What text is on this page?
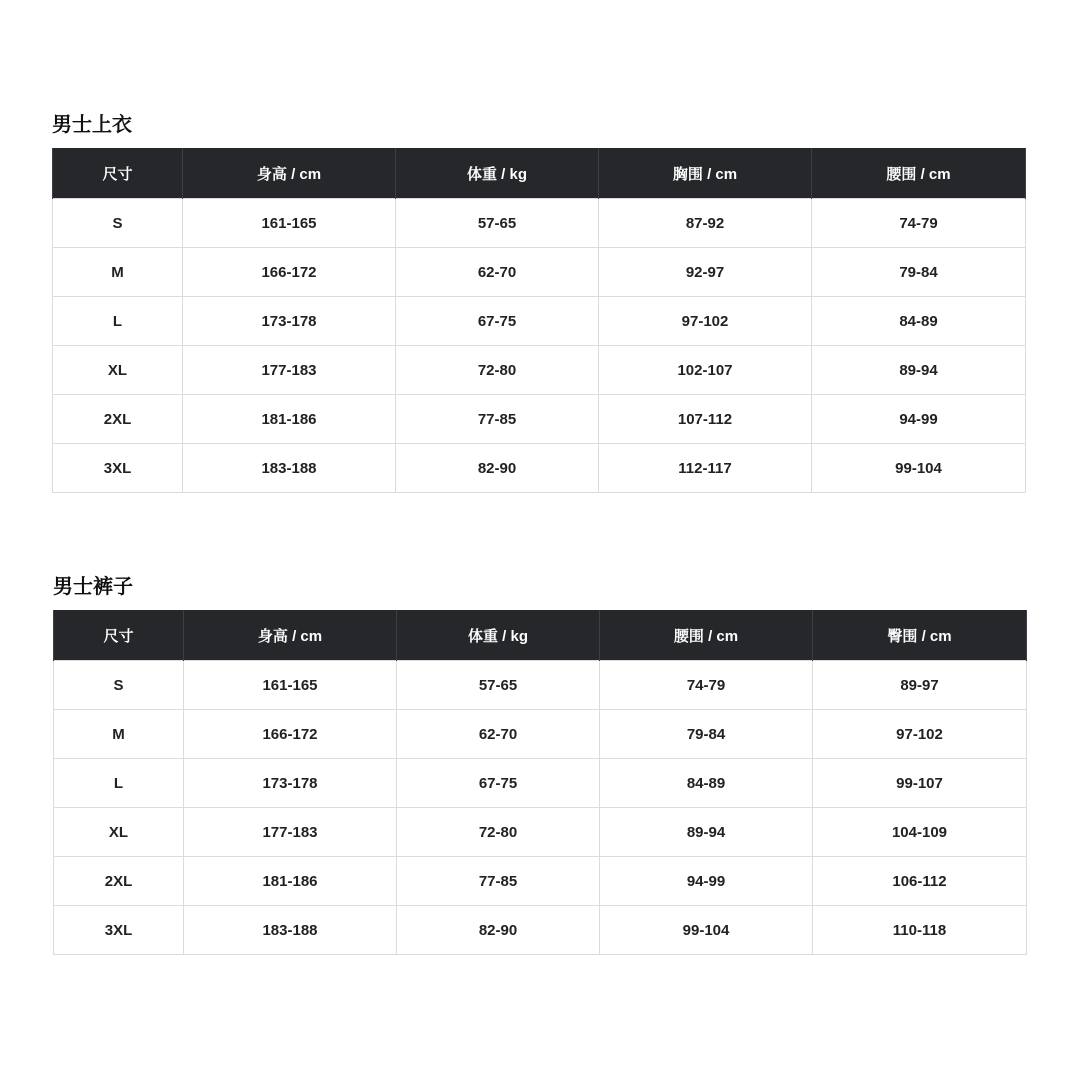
男士上衣
尺寸	身高 / cm	体重 / kg	胸围 / cm	腰围 / cm
S	161-165	57-65	87-92	74-79
M	166-172	62-70	92-97	79-84
L	173-178	67-75	97-102	84-89
XL	177-183	72-80	102-107	89-94
2XL	181-186	77-85	107-112	94-99
3XL	183-188	82-90	112-117	99-104
男士裤子
尺寸	身高 / cm	体重 / kg	腰围 / cm	臀围 / cm
S	161-165	57-65	74-79	89-97
M	166-172	62-70	79-84	97-102
L	173-178	67-75	84-89	99-107
XL	177-183	72-80	89-94	104-109
2XL	181-186	77-85	94-99	106-112
3XL	183-188	82-90	99-104	110-118
